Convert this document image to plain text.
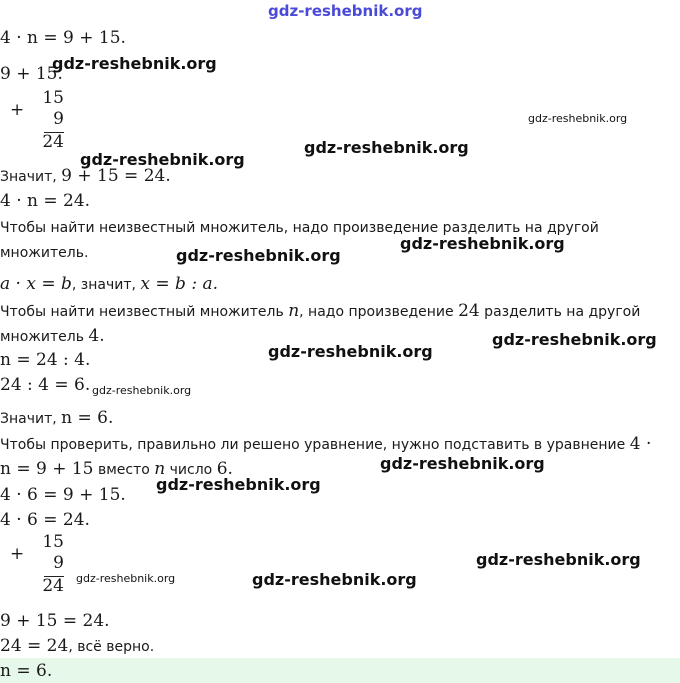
gdz-reshebnik.org
4 · n = 9 + 15.
9 + 15.
+
15
9
24
Значит, 9 + 15 = 24.
4 · n = 24.
Чтобы найти неизвестный множитель, надо произведение разделить на другой
множитель.
a · x = b, значит, x = b : a.
Чтобы найти неизвестный множитель n, надо произведение 24 разделить на другой
множитель 4.
n = 24 : 4.
24 : 4 = 6.
Значит, n = 6.
Чтобы проверить, правильно ли решено уравнение, нужно подставить в уравнение 4 ·
n = 9 + 15 вместо n число 6.
4 · 6 = 9 + 15.
4 · 6 = 24.
+
15
9
24
9 + 15 = 24.
24 = 24, всё верно.
n = 6.
gdz-reshebnik.org
gdz-reshebnik.org
gdz-reshebnik.org
gdz-reshebnik.org
gdz-reshebnik.org
gdz-reshebnik.org
gdz-reshebnik.org
gdz-reshebnik.org
gdz-reshebnik.org
gdz-reshebnik.org
gdz-reshebnik.org
gdz-reshebnik.org
gdz-reshebnik.org	gdz-reshebnik.org
